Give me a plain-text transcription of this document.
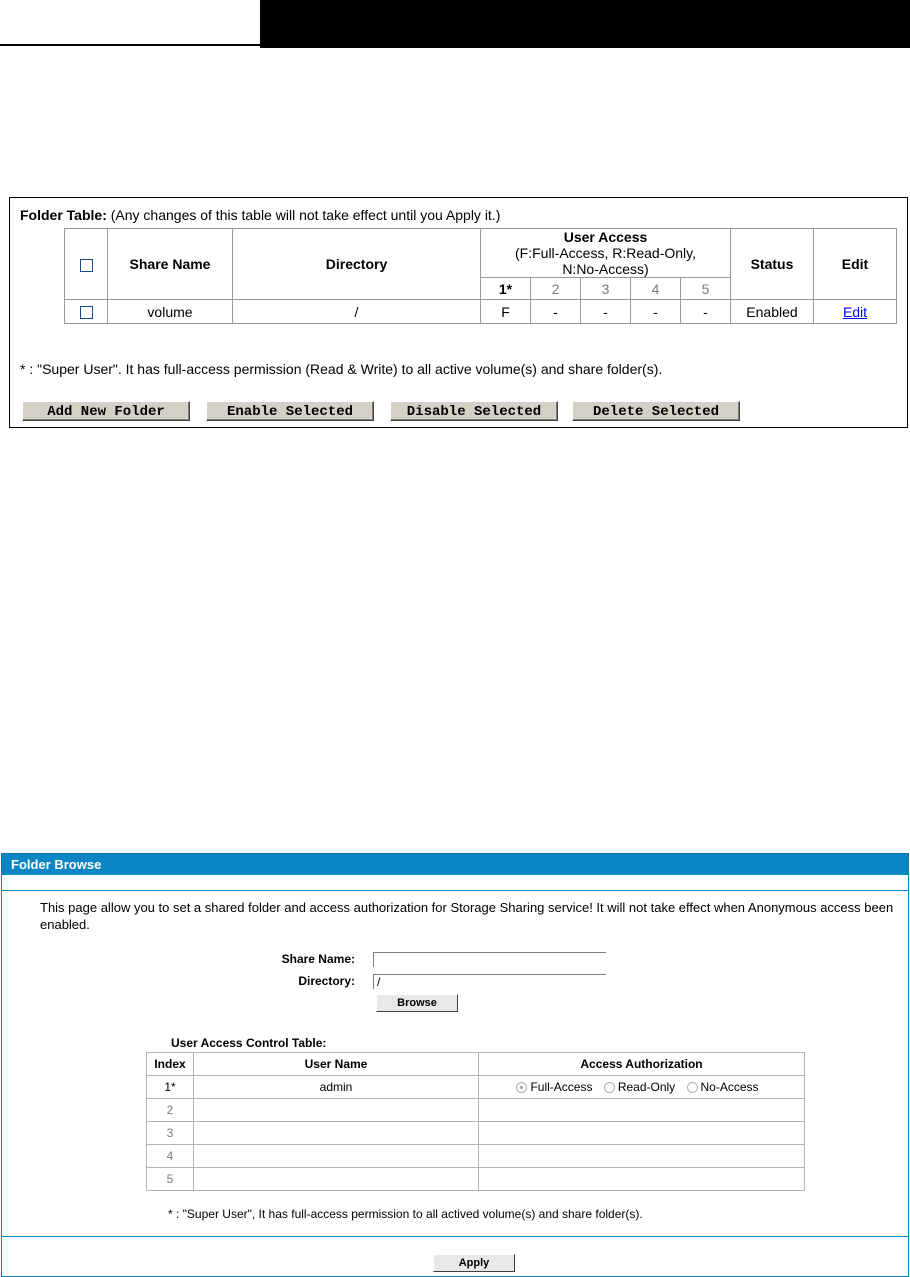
Folder Table: (Any changes of this table will not take effect until you Apply it.)
	Share Name	Directory	User Access
(F:Full-Access, R:Read-Only,
N:No-Access)					Status	Edit
			1*	2	3	4	5		
	volume	/	F	-	-	-	-	Enabled	Edit
* : "Super User". It has full-access permission (Read & Write) to all active volume(s) and share folder(s).
Add New Folder	Enable Selected	Disable Selected	Delete Selected
Folder Browse
This page allow you to set a shared folder and access authorization for Storage Sharing service! It will not take effect when Anonymous access been enabled.
Share Name:
Directory:
/
Browse
User Access Control Table:
Index	User Name	Access Authorization
1*	admin	Full-Access Read-Only No-Access
2		
3		
4		
5		
* : "Super User", It has full-access permission to all actived volume(s) and share folder(s).
Apply
